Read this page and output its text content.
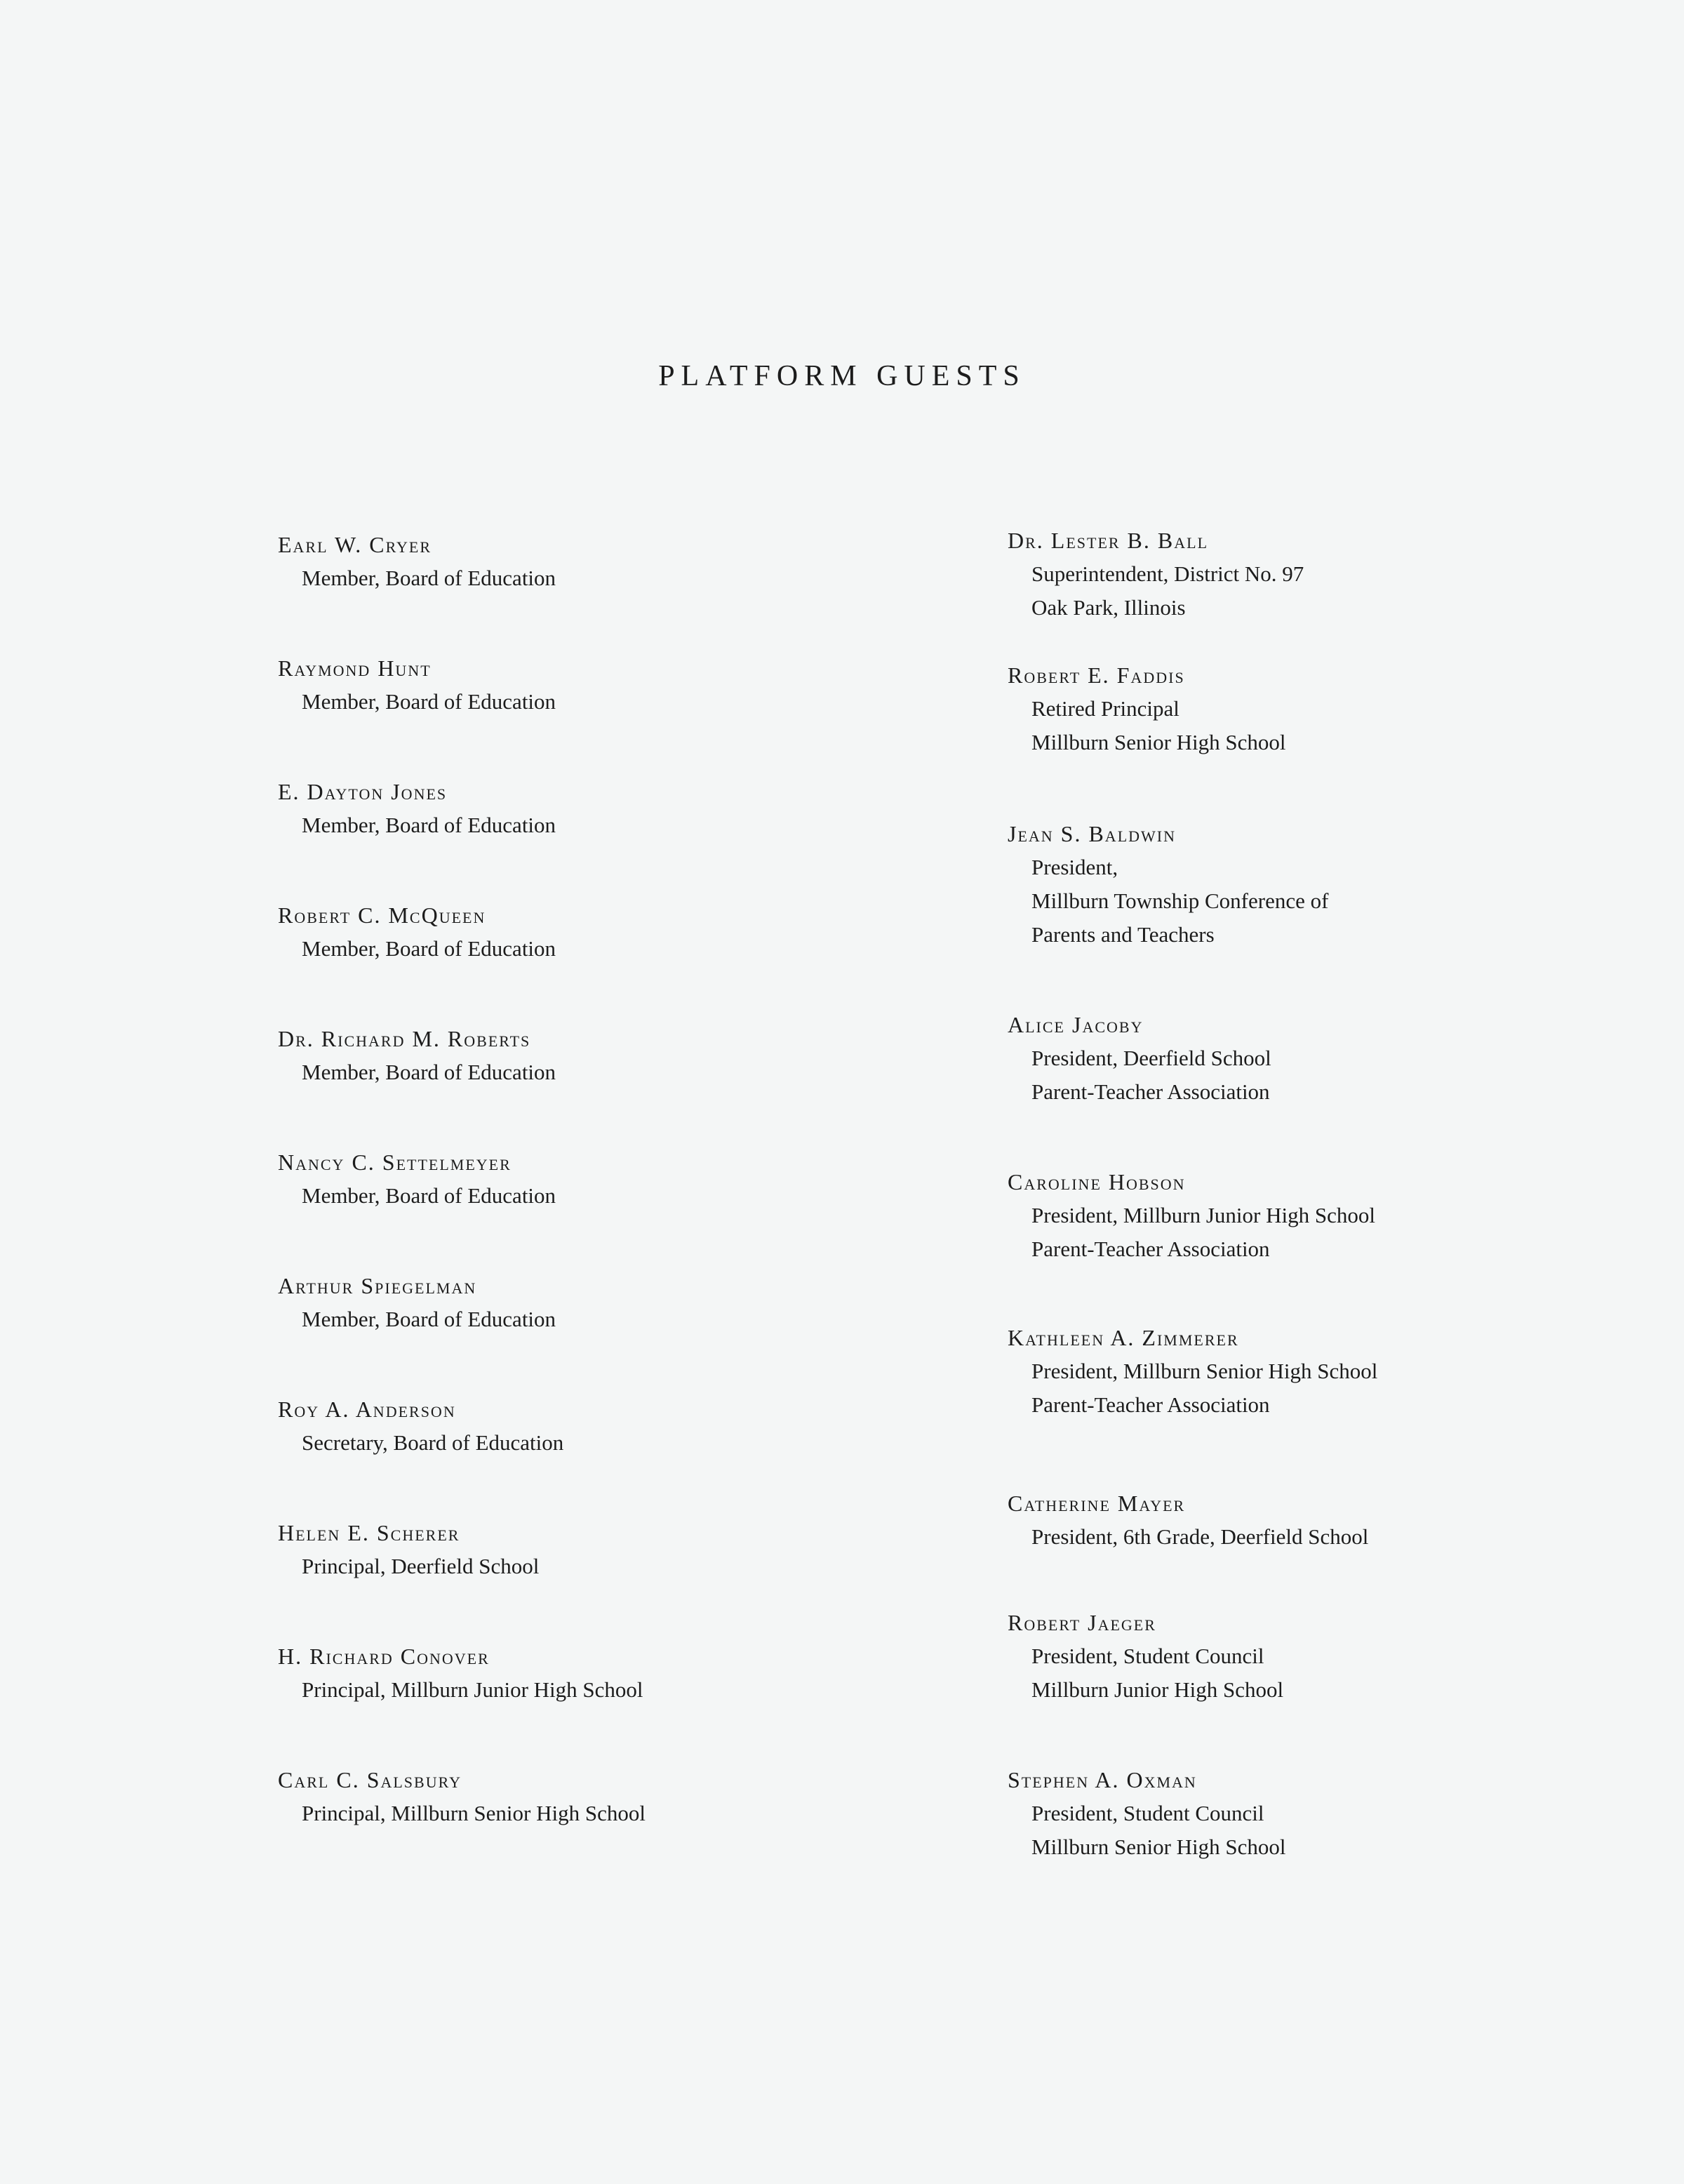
PLATFORM GUESTS
Earl W. Cryer
Member, Board of Education
Raymond Hunt
Member, Board of Education
E. Dayton Jones
Member, Board of Education
Robert C. McQueen
Member, Board of Education
Dr. Richard M. Roberts
Member, Board of Education
Nancy C. Settelmeyer
Member, Board of Education
Arthur Spiegelman
Member, Board of Education
Roy A. Anderson
Secretary, Board of Education
Helen E. Scherer
Principal, Deerfield School
H. Richard Conover
Principal, Millburn Junior High School
Carl C. Salsbury
Principal, Millburn Senior High School
Dr. Lester B. Ball
Superintendent, District No. 97
Oak Park, Illinois
Robert E. Faddis
Retired Principal
Millburn Senior High School
Jean S. Baldwin
President,
Millburn Township Conference of
Parents and Teachers
Alice Jacoby
President, Deerfield School
Parent-Teacher Association
Caroline Hobson
President, Millburn Junior High School
Parent-Teacher Association
Kathleen A. Zimmerer
President, Millburn Senior High School
Parent-Teacher Association
Catherine Mayer
President, 6th Grade, Deerfield School
Robert Jaeger
President, Student Council
Millburn Junior High School
Stephen A. Oxman
President, Student Council
Millburn Senior High School
